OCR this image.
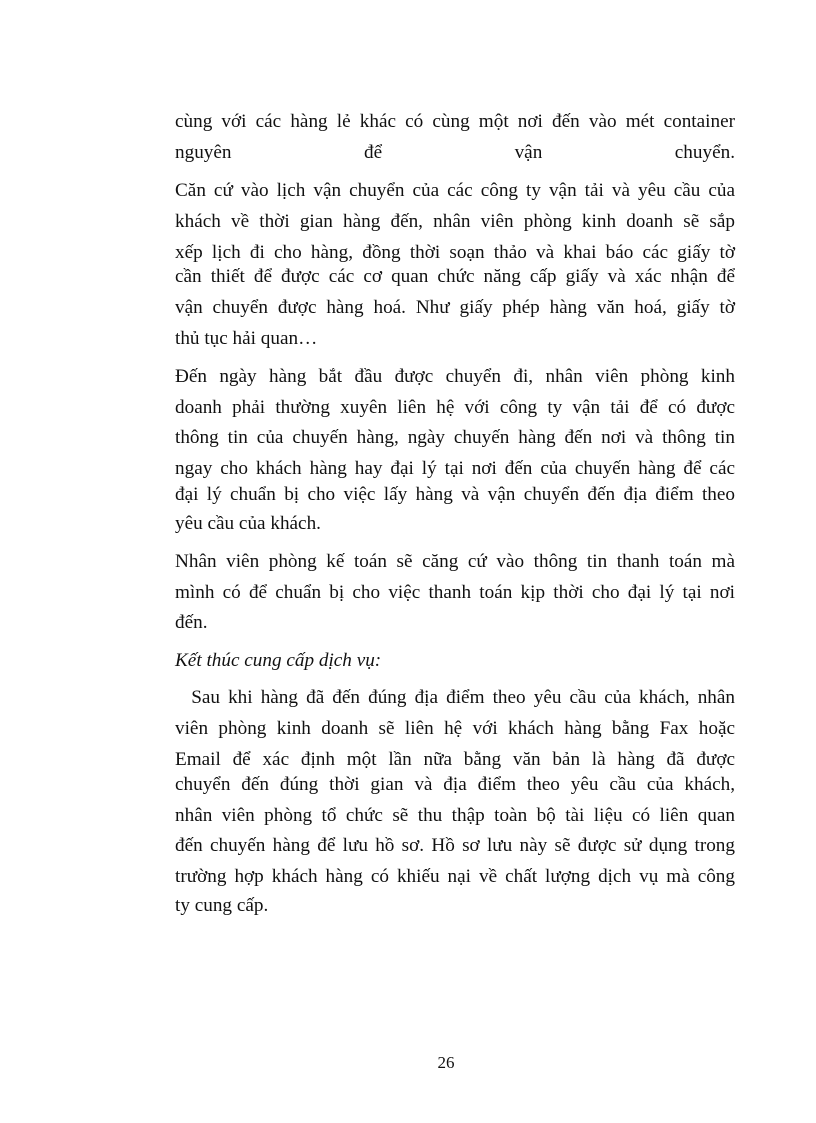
cùng với các hàng lẻ khác có cùng một nơi đến vào mét container

nguyên để vận chuyển.

Căn cứ vào lịch vận chuyển của các công ty vận tải và yêu cầu của

khách về thời gian hàng đến, nhân viên phòng kinh doanh sẽ sắp

xếp lịch đi cho hàng, đồng thời soạn thảo và khai báo các giấy tờ

cần thiết để được các cơ quan chức năng cấp giấy và xác nhận để

vận chuyển được hàng hoá. Như giấy phép hàng văn hoá, giấy tờ

thủ tục hải quan…

Đến ngày hàng bắt đầu được chuyển đi, nhân viên phòng kinh

doanh phải thường xuyên liên hệ với công ty vận tải để có được

thông tin của chuyến hàng, ngày chuyến hàng đến nơi và thông tin

ngay cho khách hàng hay đại lý tại nơi đến của chuyến hàng để các

đại lý chuẩn bị cho việc lấy hàng và vận chuyển đến địa điểm theo

yêu cầu của khách.

Nhân viên phòng kế toán sẽ căng cứ vào thông tin thanh toán mà

mình có để chuẩn bị cho việc thanh toán kịp thời cho đại lý tại nơi

đến.

Kết thúc cung cấp dịch vụ:

Sau khi hàng đã đến đúng địa điểm theo yêu cầu của khách, nhân

viên phòng kinh doanh sẽ liên hệ với khách hàng bằng Fax hoặc

Email để xác định một lần nữa bằng văn bản là hàng đã được

chuyển đến đúng thời gian và địa điểm theo yêu cầu của khách,

nhân viên phòng tổ chức sẽ thu thập toàn bộ tài liệu có liên quan

đến chuyến hàng để lưu hồ sơ. Hồ sơ lưu này sẽ được sử dụng trong

trường hợp khách hàng có khiếu nại về chất lượng dịch vụ mà công

ty cung cấp.

26
